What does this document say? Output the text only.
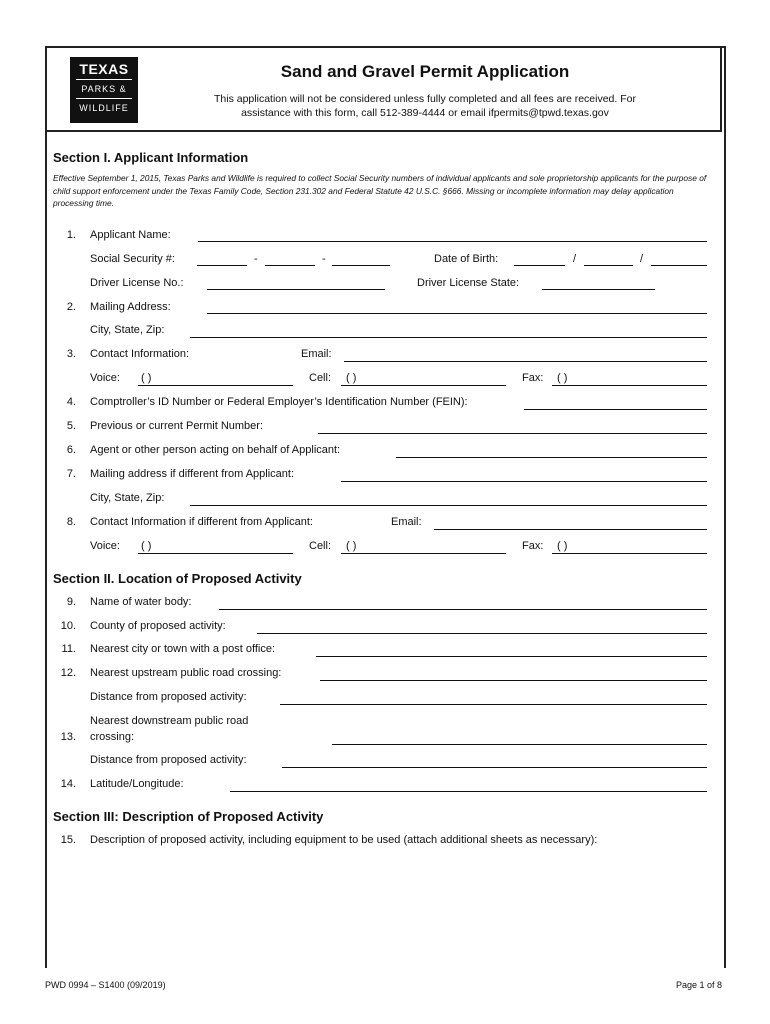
TEXAS
PARKS &
WILDLIFE
Sand and Gravel Permit Application
This application will not be considered unless fully completed and all fees are received. For
assistance with this form, call 512-389-4444 or email ifpermits@tpwd.texas.gov
Section I. Applicant Information
Effective September 1, 2015, Texas Parks and Wildlife is required to collect Social Security numbers of individual applicants and sole proprietorship applicants for the purpose of child support enforcement under the Texas Family Code, Section 231.302 and Federal Statute 42 U.S.C. §666. Missing or incomplete information may delay application processing time.
1. Applicant Name:
Social Security #:	-	-	Date of Birth:	/	/
Driver License No.:	Driver License State:
2. Mailing Address:
City, State, Zip:
3. Contact Information:	Email:
Voice: ( )	Cell: ( )	Fax: ( )
4. Comptroller’s ID Number or Federal Employer’s Identification Number (FEIN):
5. Previous or current Permit Number:
6. Agent or other person acting on behalf of Applicant:
7. Mailing address if different from Applicant:
City, State, Zip:
8. Contact Information if different from Applicant:	Email:
Voice: ( )	Cell: ( )	Fax: ( )
Section II. Location of Proposed Activity
9. Name of water body:
10. County of proposed activity:
11. Nearest city or town with a post office:
12. Nearest upstream public road crossing:
Distance from proposed activity:
Nearest downstream public road
13. crossing:
Distance from proposed activity:
14. Latitude/Longitude:
Section III: Description of Proposed Activity
15. Description of proposed activity, including equipment to be used (attach additional sheets as necessary):
PWD 0994 – S1400 (09/2019)	Page 1 of 8
